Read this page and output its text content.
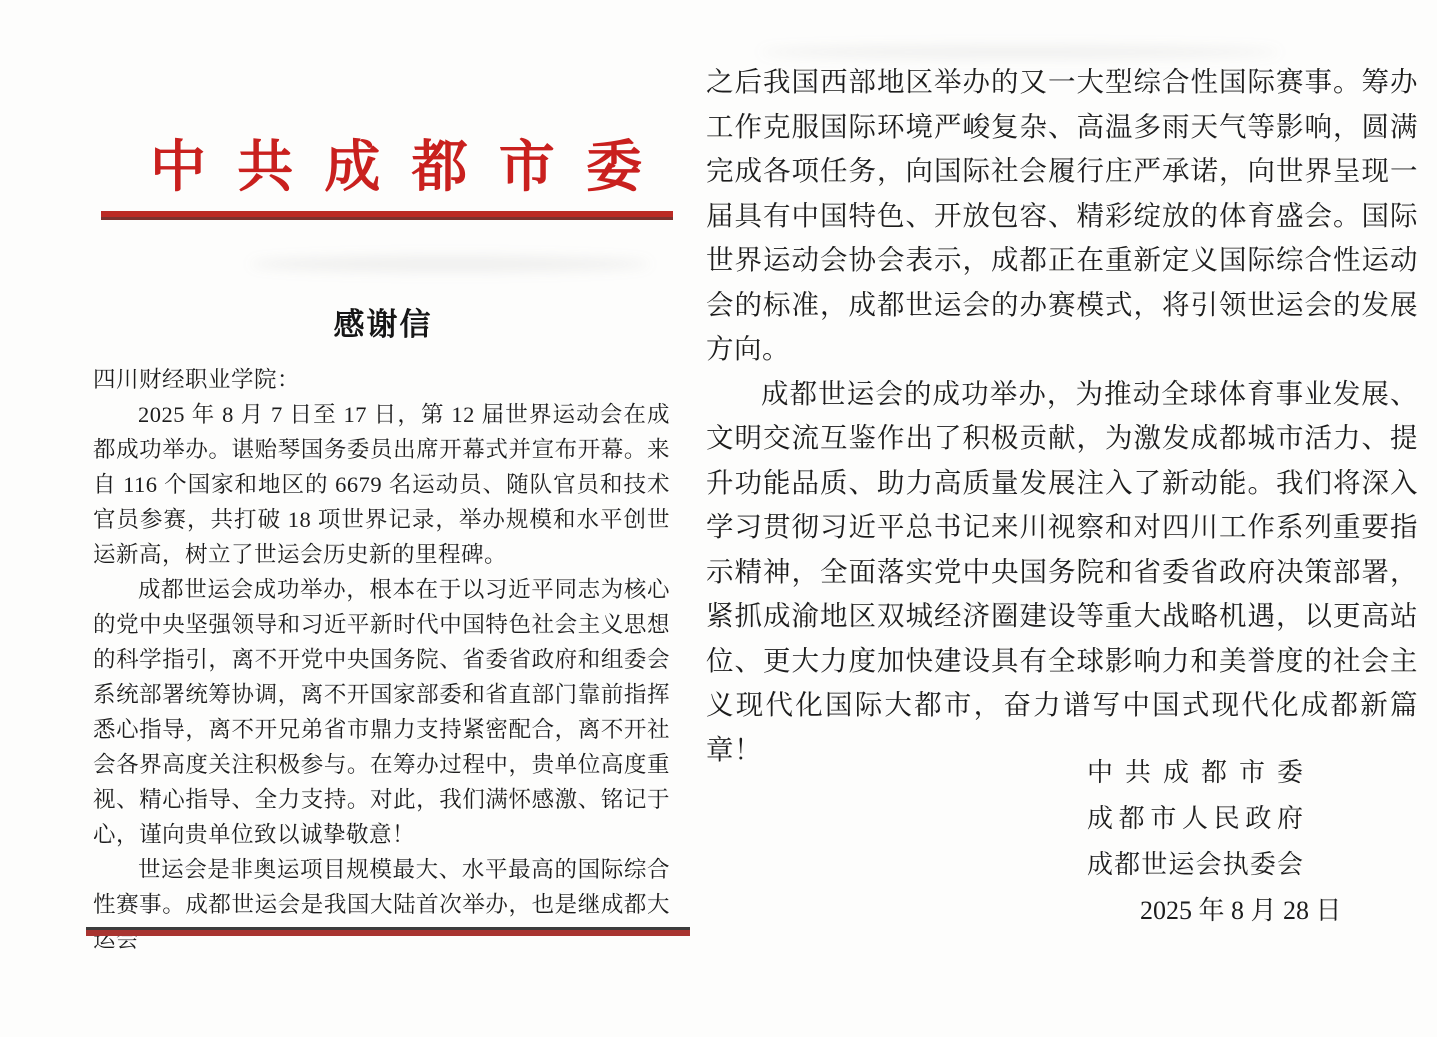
中共成都市委
感谢信

四川财经职业学院：

2025 年 8 月 7 日至 17 日，第 12 届世界运动会在成都成功举办。谌贻琴国务委员出席开幕式并宣布开幕。来自 116 个国家和地区的 6679 名运动员、随队官员和技术官员参赛，共打破 18 项世界记录，举办规模和水平创世运新高，树立了世运会历史新的里程碑。

成都世运会成功举办，根本在于以习近平同志为核心的党中央坚强领导和习近平新时代中国特色社会主义思想的科学指引，离不开党中央国务院、省委省政府和组委会系统部署统筹协调，离不开国家部委和省直部门靠前指挥悉心指导，离不开兄弟省市鼎力支持紧密配合，离不开社会各界高度关注积极参与。在筹办过程中，贵单位高度重视、精心指导、全力支持。对此，我们满怀感激、铭记于心，谨向贵单位致以诚挚敬意！

世运会是非奥运项目规模最大、水平最高的国际综合性赛事。成都世运会是我国大陆首次举办，也是继成都大运会

之后我国西部地区举办的又一大型综合性国际赛事。筹办工作克服国际环境严峻复杂、高温多雨天气等影响，圆满完成各项任务，向国际社会履行庄严承诺，向世界呈现一届具有中国特色、开放包容、精彩绽放的体育盛会。国际世界运动会协会表示，成都正在重新定义国际综合性运动会的标准，成都世运会的办赛模式，将引领世运会的发展方向。

成都世运会的成功举办，为推动全球体育事业发展、文明交流互鉴作出了积极贡献，为激发成都城市活力、提升功能品质、助力高质量发展注入了新动能。我们将深入学习贯彻习近平总书记来川视察和对四川工作系列重要指示精神，全面落实党中央国务院和省委省政府决策部署，紧抓成渝地区双城经济圈建设等重大战略机遇，以更高站位、更大力度加快建设具有全球影响力和美誉度的社会主义现代化国际大都市，奋力谱写中国式现代化成都新篇章！

中共成都市委
成都市人民政府
成都世运会执委会
2025 年 8 月 28 日
